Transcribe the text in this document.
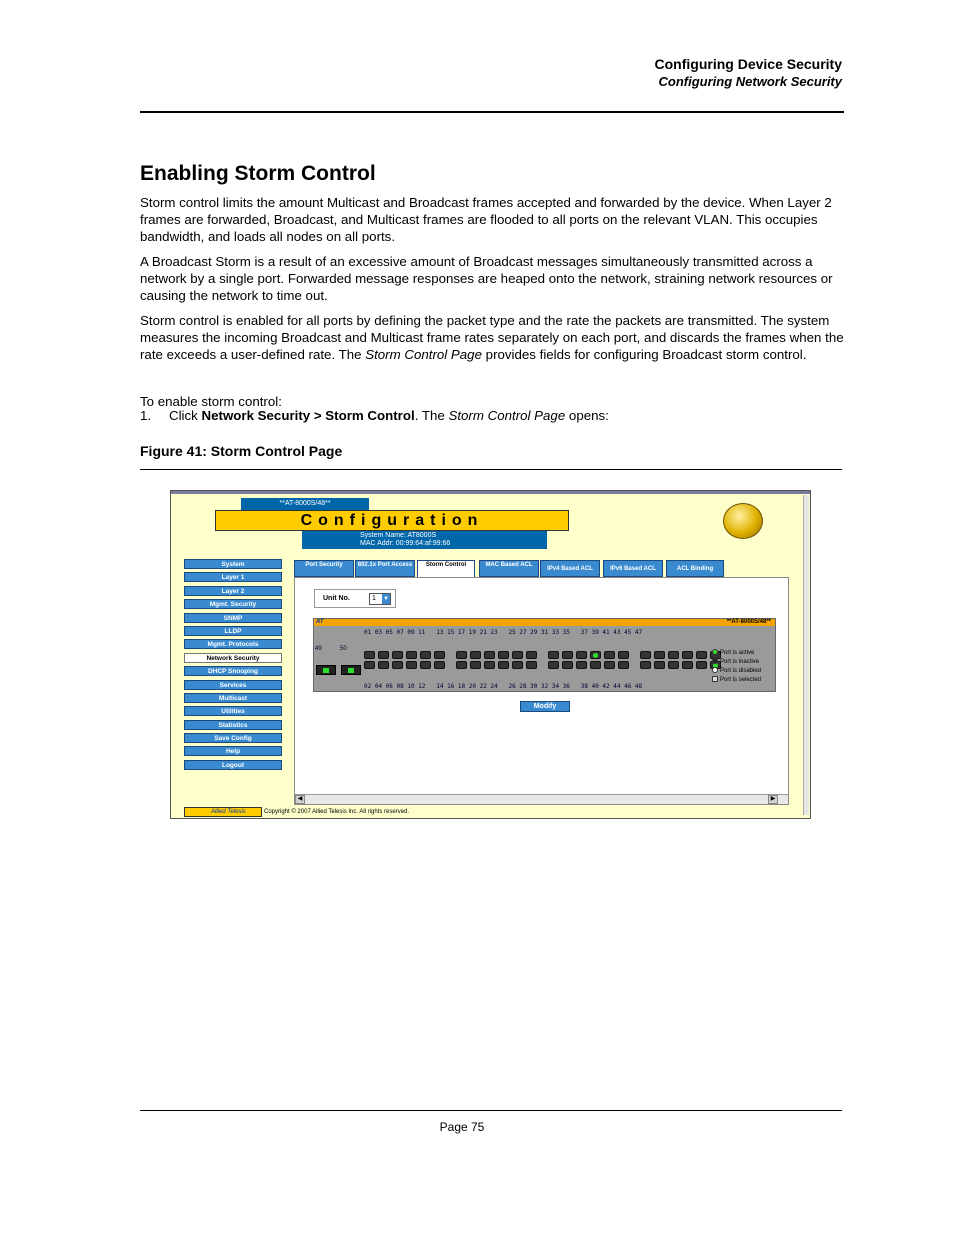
Configuring Device Security
Configuring Network Security
Enabling Storm Control

Storm control limits the amount Multicast and Broadcast frames accepted and forwarded by the device. When Layer 2 frames are forwarded, Broadcast, and Multicast frames are flooded to all ports on the relevant VLAN. This occupies bandwidth, and loads all nodes on all ports.

A Broadcast Storm is a result of an excessive amount of Broadcast messages simultaneously transmitted across a network by a single port. Forwarded message responses are heaped onto the network, straining network resources or causing the network to time out.

Storm control is enabled for all ports by defining the packet type and the rate the packets are transmitted. The system measures the incoming Broadcast and Multicast frame rates separately on each port, and discards the frames when the rate exceeds a user-defined rate. The Storm Control Page provides fields for configuring Broadcast storm control.

To enable storm control:

1. Click Network Security > Storm Control. The Storm Control Page opens:
Figure 41: Storm Control Page
**AT-8000S/48**
Configuration
System Name: AT8000S
MAC Addr: 00:99:64:af:99:66
System
Layer 1
Layer 2
Mgmt. Security
SNMP
LLDP
Mgmt. Protocols
Network Security
DHCP Snooping
Services
Multicast
Utilities
Statistics
Save Config
Help
Logout
Port Security	802.1x Port Access	Storm Control	MAC Based ACL
IPv4 Based ACL	IPv6 Based ACL	ACL Binding
Unit No.	1 ▼
AT	**AT-8000S/48**
01 03 05 07 09 11   13 15 17 19 21 23   25 27 29 31 33 35   37 39 41 43 45 47
02 04 06 08 10 12   14 16 18 20 22 24   26 28 30 32 34 36   38 40 42 44 46 48
49	50
Port is active
Port is inactive
Port is disabled
Port is selected
Modify
◀	▶
Allied Telesis	Copyright © 2007 Allied Telesis Inc. All rights reserved.
Page 75
